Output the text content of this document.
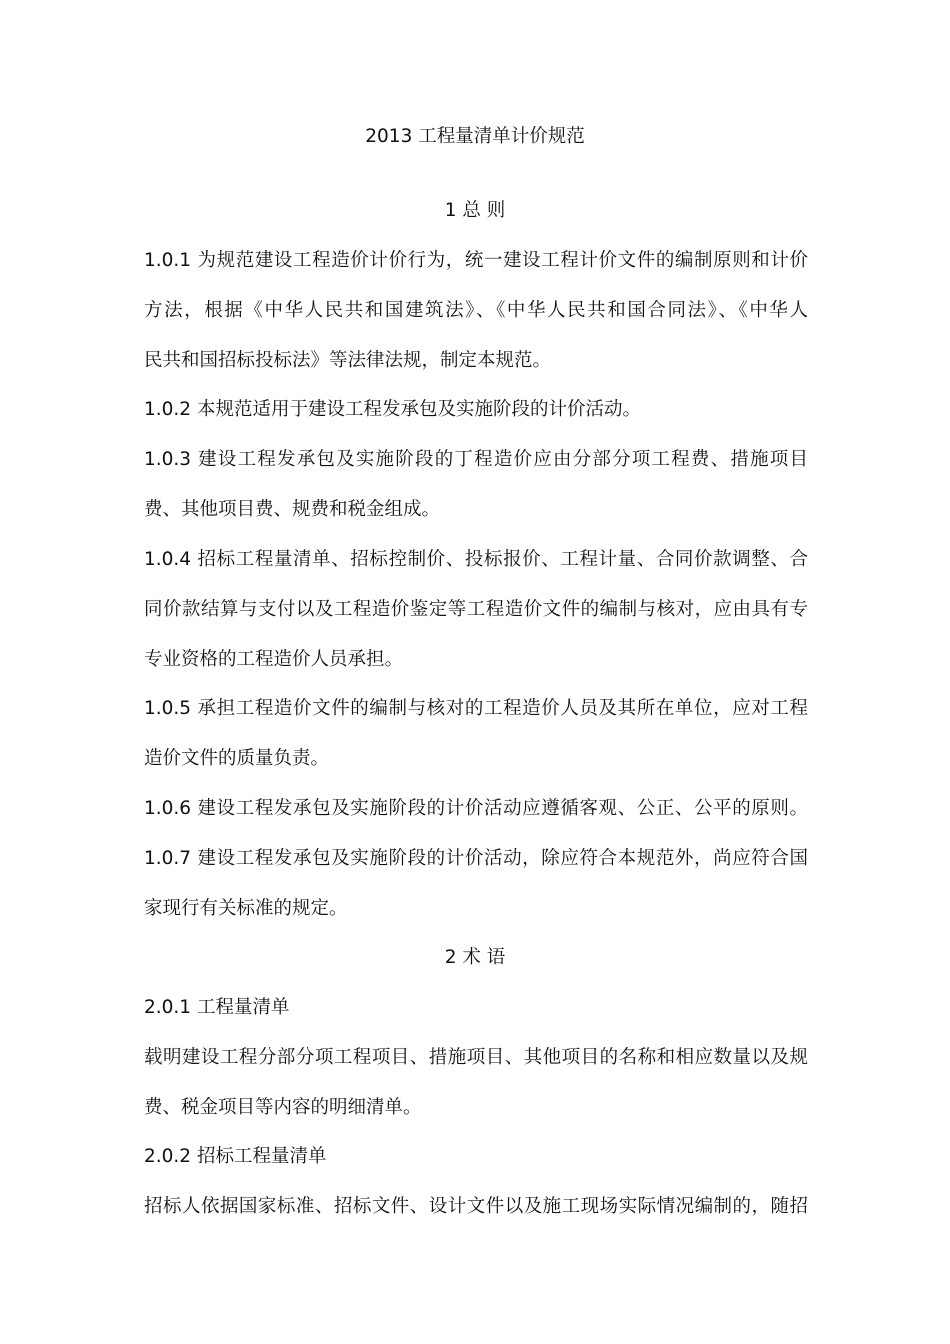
2013 工程量清单计价规范
1 总 则
1.0.1 为规范建设工程造价计价行为，统一建设工程计价文件的编制原则和计价
方法，根据《中华人民共和国建筑法》、《中华人民共和国合同法》、《中华人
民共和国招标投标法》等法律法规，制定本规范。
1.0.2 本规范适用于建设工程发承包及实施阶段的计价活动。
1.0.3 建设工程发承包及实施阶段的丁程造价应由分部分项工程费、措施项目
费、其他项目费、规费和税金组成。
1.0.4 招标工程量清单、招标控制价、投标报价、工程计量、合同价款调整、合
同价款结算与支付以及工程造价鉴定等工程造价文件的编制与核对，应由具有专
专业资格的工程造价人员承担。
1.0.5 承担工程造价文件的编制与核对的工程造价人员及其所在单位，应对工程
造价文件的质量负责。
1.0.6 建设工程发承包及实施阶段的计价活动应遵循客观、公正、公平的原则。
1.0.7 建设工程发承包及实施阶段的计价活动，除应符合本规范外，尚应符合国
家现行有关标准的规定。
2 术 语
2.0.1 工程量清单
载明建设工程分部分项工程项目、措施项目、其他项目的名称和相应数量以及规
费、税金项目等内容的明细清单。
2.0.2 招标工程量清单
招标人依据国家标准、招标文件、设计文件以及施工现场实际情况编制的，随招
